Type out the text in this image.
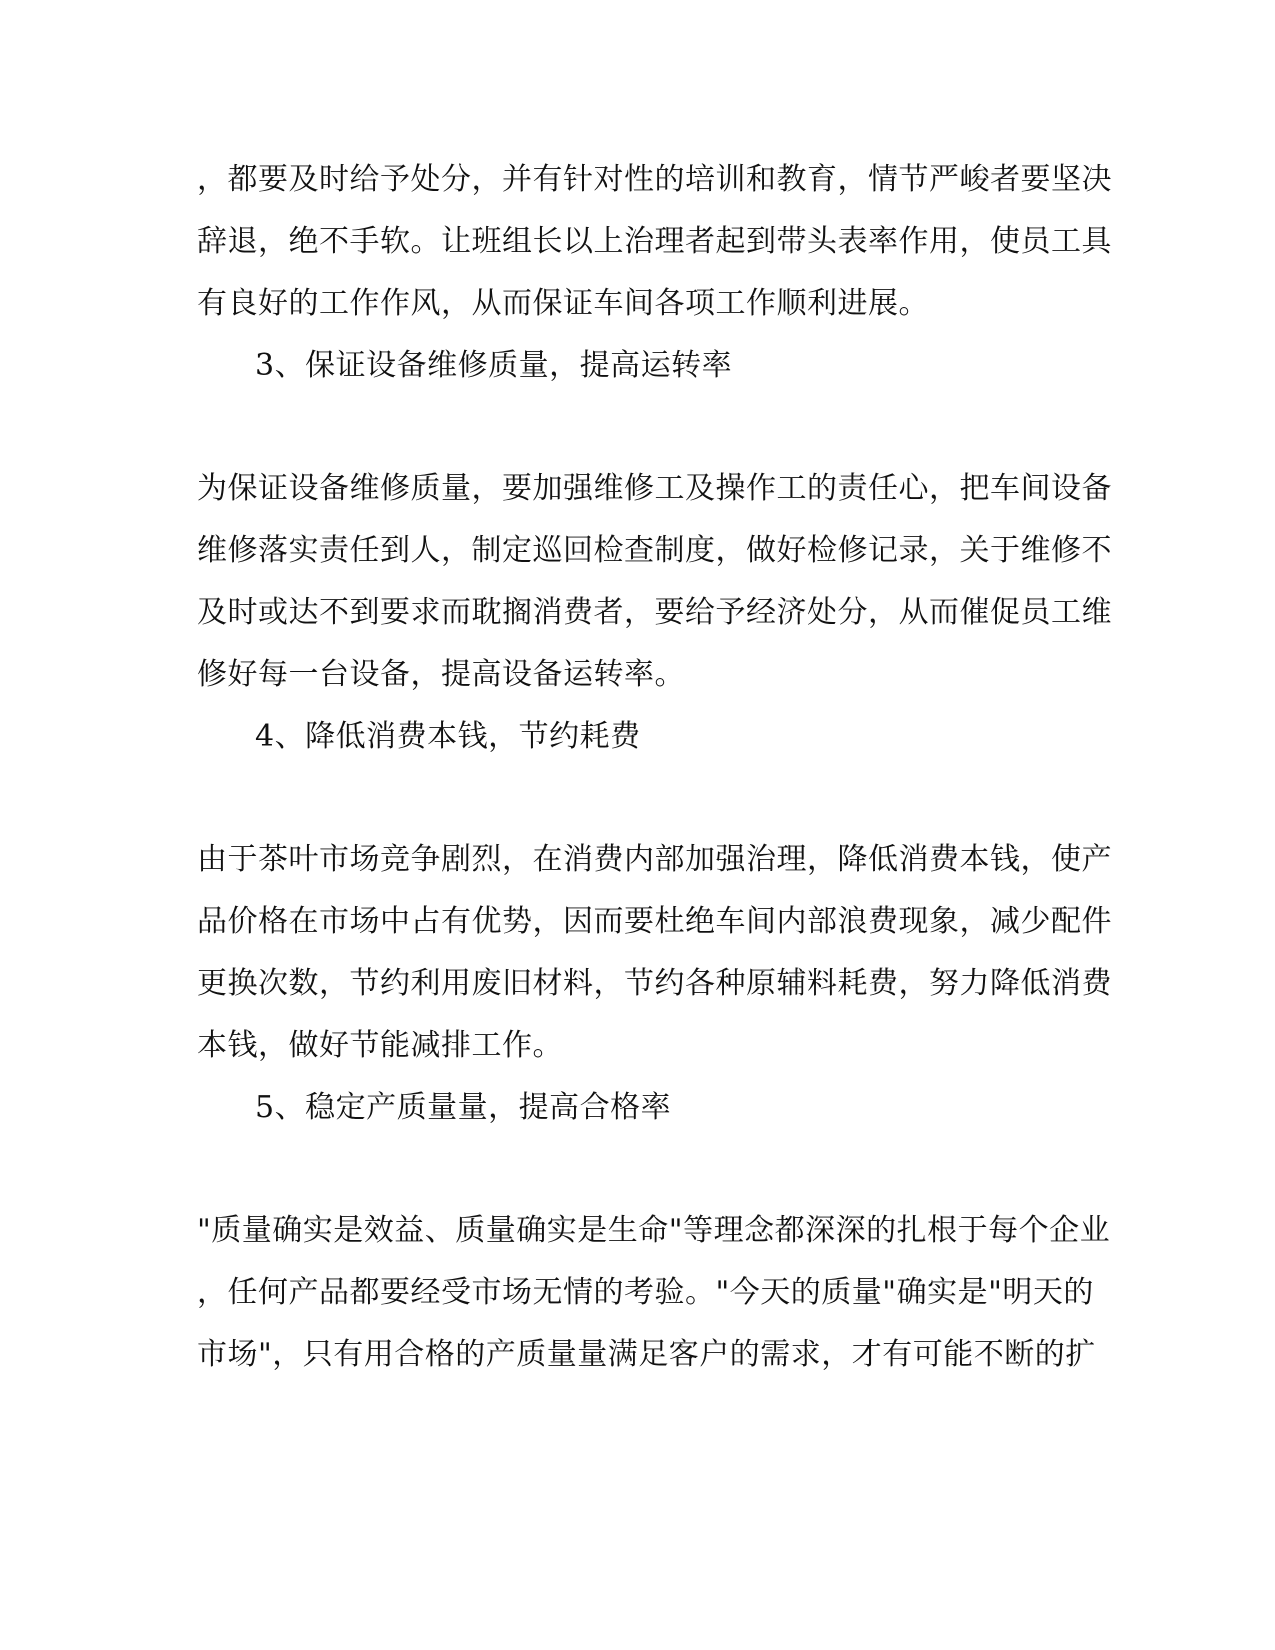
，都要及时给予处分，并有针对性的培训和教育，情节严峻者要坚决
辞退，绝不手软。让班组长以上治理者起到带头表率作用，使员工具
有良好的工作作风，从而保证车间各项工作顺利进展。
3、保证设备维修质量，提高运转率
为保证设备维修质量，要加强维修工及操作工的责任心，把车间设备
维修落实责任到人，制定巡回检查制度，做好检修记录，关于维修不
及时或达不到要求而耽搁消费者，要给予经济处分，从而催促员工维
修好每一台设备，提高设备运转率。
4、降低消费本钱，节约耗费
由于茶叶市场竞争剧烈，在消费内部加强治理，降低消费本钱，使产
品价格在市场中占有优势，因而要杜绝车间内部浪费现象，减少配件
更换次数，节约利用废旧材料，节约各种原辅料耗费，努力降低消费
本钱，做好节能减排工作。
5、稳定产质量量，提高合格率
"质量确实是效益、质量确实是生命"等理念都深深的扎根于每个企业
，任何产品都要经受市场无情的考验。"今天的质量"确实是"明天的
市场"，只有用合格的产质量量满足客户的需求，才有可能不断的扩
